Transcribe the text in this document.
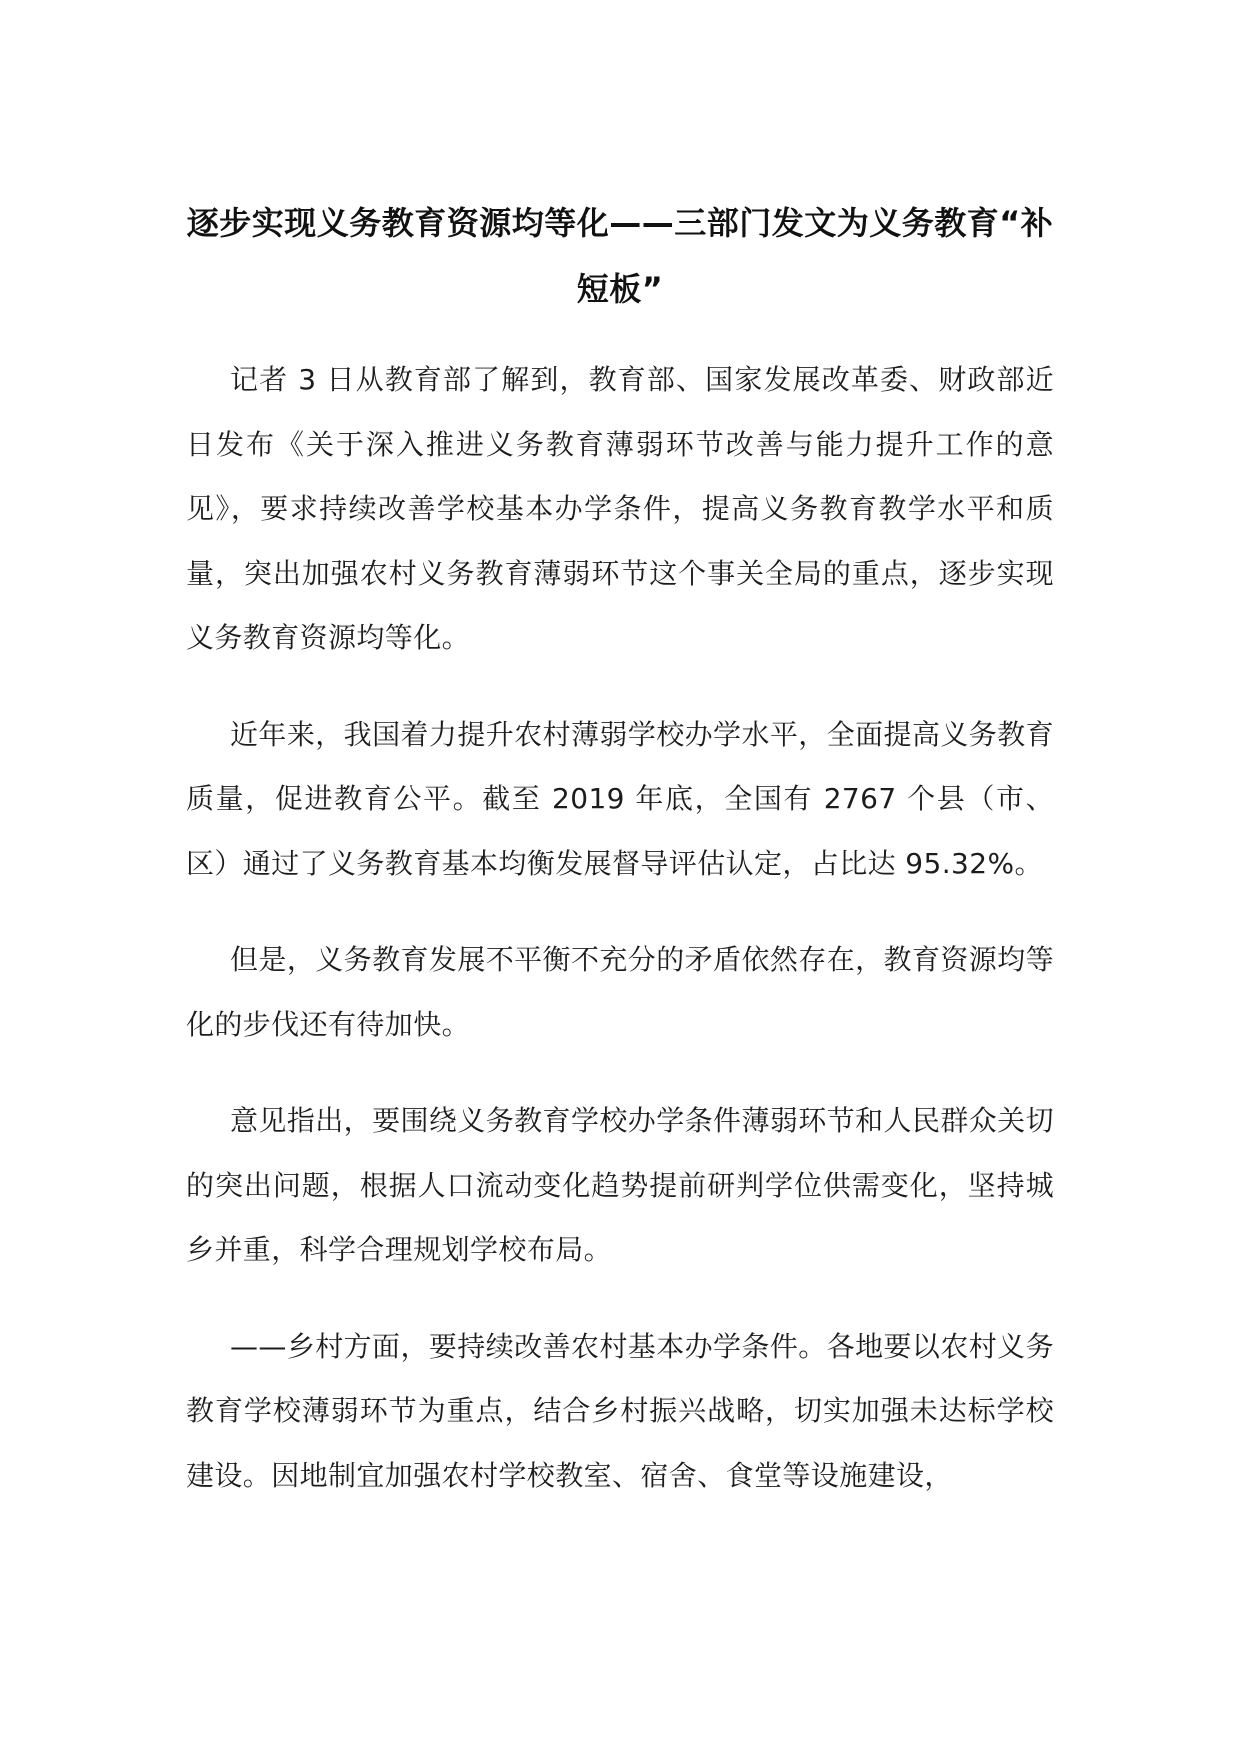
逐步实现义务教育资源均等化——三部门发文为义务教育“补短板”

记者 3 日从教育部了解到，教育部、国家发展改革委、财政部近日发布《关于深入推进义务教育薄弱环节改善与能力提升工作的意见》，要求持续改善学校基本办学条件，提高义务教育教学水平和质量，突出加强农村义务教育薄弱环节这个事关全局的重点，逐步实现义务教育资源均等化。

近年来，我国着力提升农村薄弱学校办学水平，全面提高义务教育质量，促进教育公平。截至 2019 年底，全国有 2767 个县（市、区）通过了义务教育基本均衡发展督导评估认定，占比达 95.32%。

但是，义务教育发展不平衡不充分的矛盾依然存在，教育资源均等化的步伐还有待加快。

意见指出，要围绕义务教育学校办学条件薄弱环节和人民群众关切的突出问题，根据人口流动变化趋势提前研判学位供需变化，坚持城乡并重，科学合理规划学校布局。

——乡村方面，要持续改善农村基本办学条件。各地要以农村义务教育学校薄弱环节为重点，结合乡村振兴战略，切实加强未达标学校建设。因地制宜加强农村学校教室、宿舍、食堂等设施建设，
